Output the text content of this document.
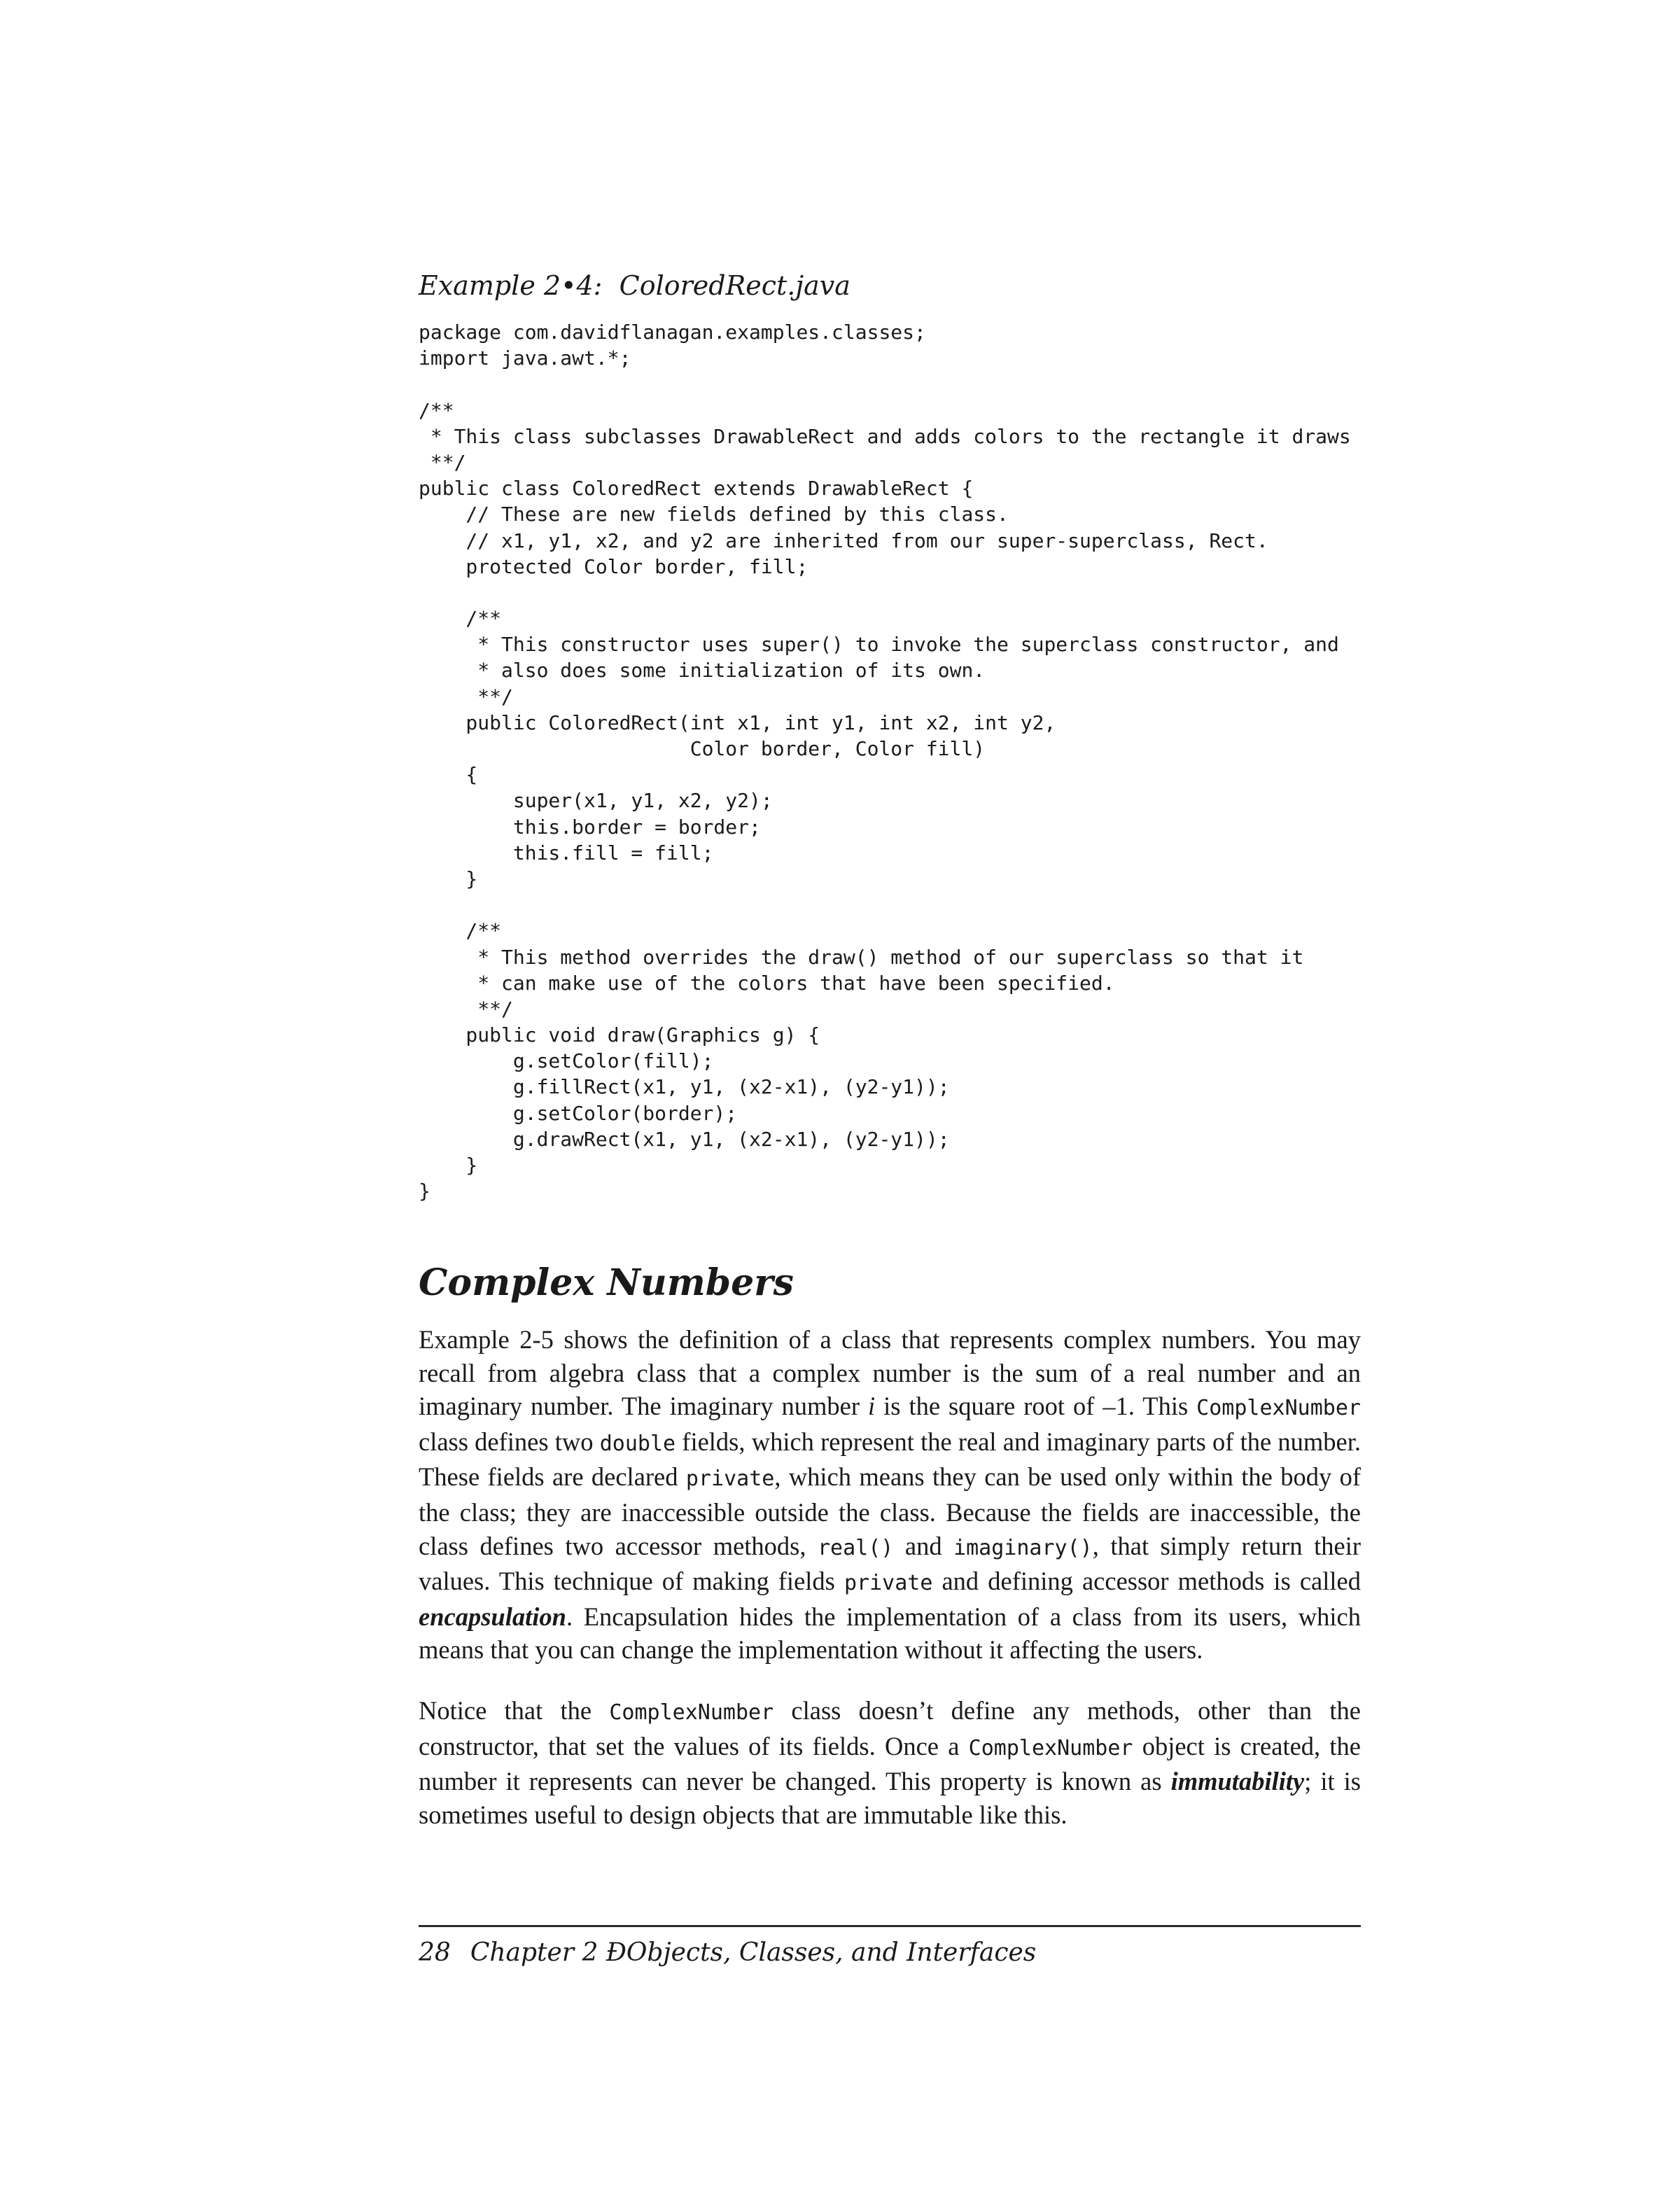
Example 2•4:  ColoredRect.java

package com.davidflanagan.examples.classes;
import java.awt.*;
/**
* This class subclasses DrawableRect and adds colors to the rectangle it draws
**/
public class ColoredRect extends DrawableRect {
// These are new fields defined by this class.
// x1, y1, x2, and y2 are inherited from our super-superclass, Rect.
protected Color border, fill;
/**
* This constructor uses super() to invoke the superclass constructor, and
* also does some initialization of its own.
**/
public ColoredRect(int x1, int y1, int x2, int y2,
Color border, Color fill)
{
super(x1, y1, x2, y2);
this.border = border;
this.fill = fill;
}
/**
* This method overrides the draw() method of our superclass so that it
* can make use of the colors that have been specified.
**/
public void draw(Graphics g) {
g.setColor(fill);
g.fillRect(x1, y1, (x2-x1), (y2-y1));
g.setColor(border);
g.drawRect(x1, y1, (x2-x1), (y2-y1));
}
}
Complex Numbers

Example 2-5 shows the definition of a class that represents complex numbers. You may recall from algebra class that a complex number is the sum of a real number and an imaginary number. The imaginary number i is the square root of –1. This ComplexNumber class defines two double fields, which represent the real and imaginary parts of the number. These fields are declared private, which means they can be used only within the body of the class; they are inaccessible outside the class. Because the fields are inaccessible, the class defines two accessor methods, real() and imaginary(), that simply return their values. This technique of making fields private and defining accessor methods is called encapsulation. Encapsulation hides the implementation of a class from its users, which means that you can change the implementation without it affecting the users.

Notice that the ComplexNumber class doesn’t define any methods, other than the constructor, that set the values of its fields. Once a ComplexNumber object is created, the number it represents can never be changed. This property is known as immutability; it is sometimes useful to design objects that are immutable like this.

28 Chapter 2 ĐObjects, Classes, and Interfaces
